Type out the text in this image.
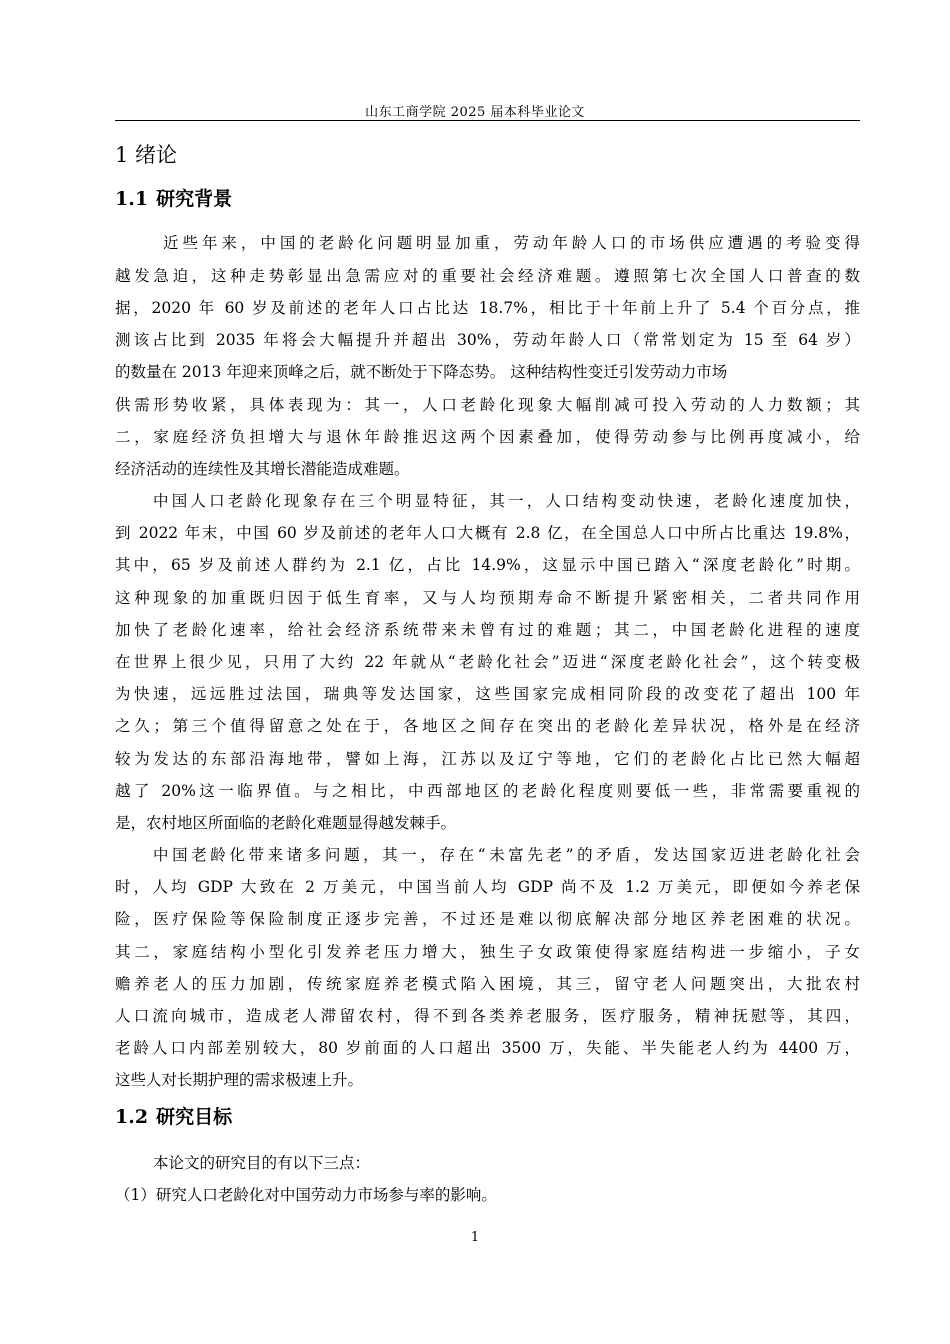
山东工商学院 2025 届本科毕业论文
1 绪论
1.1 研究背景
近些年来，中国的老龄化问题明显加重，劳动年龄人口的市场供应遭遇的考验变得
越发急迫，这种走势彰显出急需应对的重要社会经济难题。遵照第七次全国人口普查的数
据，2020 年 60 岁及前述的老年人口占比达 18.7%，相比于十年前上升了 5.4 个百分点，推
测该占比到 2035 年将会大幅提升并超出 30%，劳动年龄人口（常常划定为 15 至 64 岁）
的数量在 2013 年迎来顶峰之后，就不断处于下降态势。 这种结构性变迁引发劳动力市场
供需形势收紧，具体表现为：其一，人口老龄化现象大幅削减可投入劳动的人力数额；其
二，家庭经济负担增大与退休年龄推迟这两个因素叠加，使得劳动参与比例再度减小，给
经济活动的连续性及其增长潜能造成难题。
中国人口老龄化现象存在三个明显特征，其一，人口结构变动快速，老龄化速度加快，
到 2022 年末，中国 60 岁及前述的老年人口大概有 2.8 亿，在全国总人口中所占比重达 19.8%，
其中，65 岁及前述人群约为 2.1 亿，占比 14.9%，这显示中国已踏入“深度老龄化”时期。
这种现象的加重既归因于低生育率，又与人均预期寿命不断提升紧密相关，二者共同作用
加快了老龄化速率，给社会经济系统带来未曾有过的难题；其二，中国老龄化进程的速度
在世界上很少见，只用了大约 22 年就从“老龄化社会”迈进“深度老龄化社会”，这个转变极
为快速，远远胜过法国，瑞典等发达国家，这些国家完成相同阶段的改变花了超出 100 年
之久；第三个值得留意之处在于，各地区之间存在突出的老龄化差异状况，格外是在经济
较为发达的东部沿海地带，譬如上海，江苏以及辽宁等地，它们的老龄化占比已然大幅超
越了 20%这一临界值。与之相比，中西部地区的老龄化程度则要低一些，非常需要重视的
是，农村地区所面临的老龄化难题显得越发棘手。
中国老龄化带来诸多问题，其一，存在“未富先老”的矛盾，发达国家迈进老龄化社会
时，人均 GDP 大致在 2 万美元，中国当前人均 GDP 尚不及 1.2 万美元，即便如今养老保
险，医疗保险等保险制度正逐步完善，不过还是难以彻底解决部分地区养老困难的状况。
其二，家庭结构小型化引发养老压力增大，独生子女政策使得家庭结构进一步缩小，子女
赡养老人的压力加剧，传统家庭养老模式陷入困境，其三，留守老人问题突出，大批农村
人口流向城市，造成老人滞留农村，得不到各类养老服务，医疗服务，精神抚慰等，其四，
老龄人口内部差别较大，80 岁前面的人口超出 3500 万，失能、半失能老人约为 4400 万，
这些人对长期护理的需求极速上升。
1.2 研究目标
本论文的研究目的有以下三点：
（1）研究人口老龄化对中国劳动力市场参与率的影响。
1
